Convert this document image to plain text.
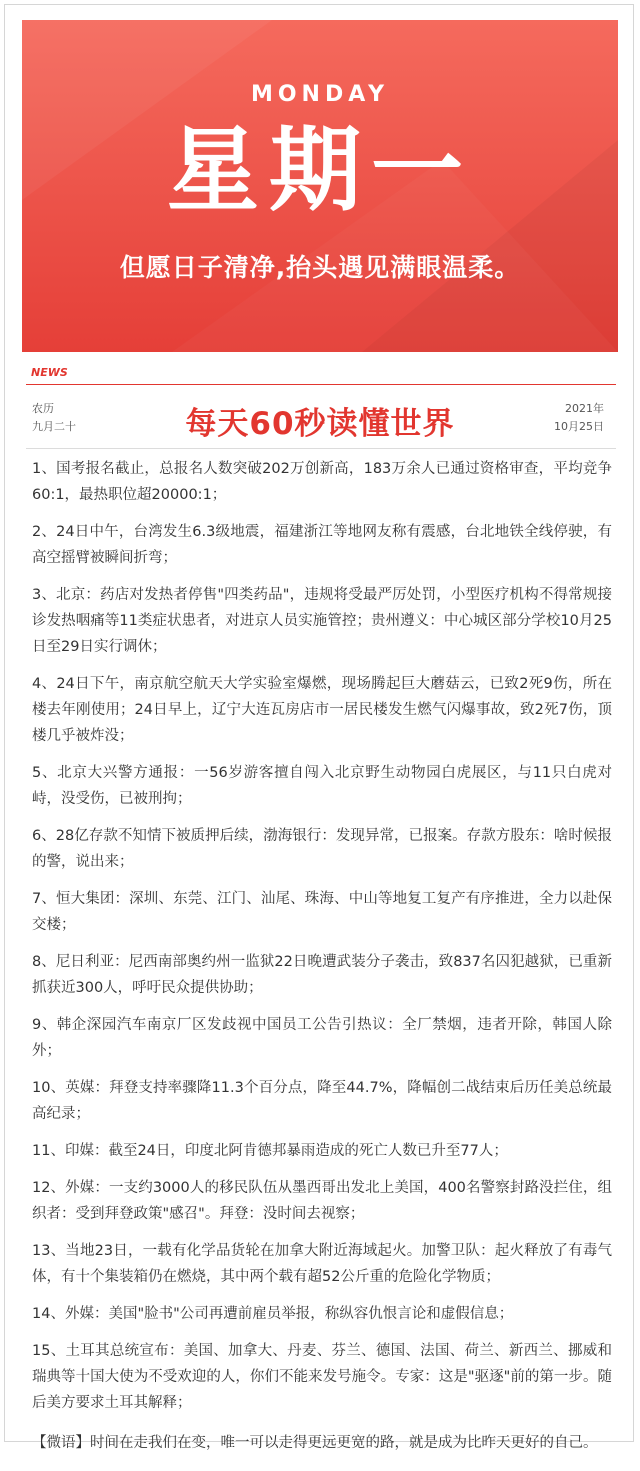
MONDAY
星期一
但愿日子清净,抬头遇见满眼温柔。
NEWS
农历
九月二十	每天60秒读懂世界	2021年
10月25日

1、国考报名截止，总报名人数突破202万创新高，183万余人已通过资格审查，平均竞争60:1，最热职位超20000:1；

2、24日中午，台湾发生6.3级地震，福建浙江等地网友称有震感，台北地铁全线停驶，有高空摇臂被瞬间折弯；

3、北京：药店对发热者停售"四类药品"，违规将受最严厉处罚，小型医疗机构不得常规接诊发热咽痛等11类症状患者，对进京人员实施管控；贵州遵义：中心城区部分学校10月25日至29日实行调休；

4、24日下午，南京航空航天大学实验室爆燃，现场腾起巨大蘑菇云，已致2死9伤，所在楼去年刚使用；24日早上，辽宁大连瓦房店市一居民楼发生燃气闪爆事故，致2死7伤，顶楼几乎被炸没；

5、北京大兴警方通报：一56岁游客擅自闯入北京野生动物园白虎展区，与11只白虎对峙，没受伤，已被刑拘；

6、28亿存款不知情下被质押后续，渤海银行：发现异常，已报案。存款方股东：啥时候报的警，说出来；

7、恒大集团：深圳、东莞、江门、汕尾、珠海、中山等地复工复产有序推进，全力以赴保交楼；

8、尼日利亚：尼西南部奥约州一监狱22日晚遭武装分子袭击，致837名囚犯越狱，已重新抓获近300人，呼吁民众提供协助；

9、韩企深园汽车南京厂区发歧视中国员工公告引热议：全厂禁烟，违者开除，韩国人除外；

10、英媒：拜登支持率骤降11.3个百分点，降至44.7%，降幅创二战结束后历任美总统最高纪录；

11、印媒：截至24日，印度北阿肯德邦暴雨造成的死亡人数已升至77人；

12、外媒：一支约3000人的移民队伍从墨西哥出发北上美国，400名警察封路没拦住，组织者：受到拜登政策"感召"。拜登：没时间去视察；

13、当地23日，一载有化学品货轮在加拿大附近海域起火。加警卫队：起火释放了有毒气体，有十个集装箱仍在燃烧，其中两个载有超52公斤重的危险化学物质；

14、外媒：美国"脸书"公司再遭前雇员举报，称纵容仇恨言论和虚假信息；

15、土耳其总统宣布：美国、加拿大、丹麦、芬兰、德国、法国、荷兰、新西兰、挪威和瑞典等十国大使为不受欢迎的人，你们不能来发号施令。专家：这是"驱逐"前的第一步。随后美方要求土耳其解释；

【微语】时间在走我们在变，唯一可以走得更远更宽的路，就是成为比昨天更好的自己。
